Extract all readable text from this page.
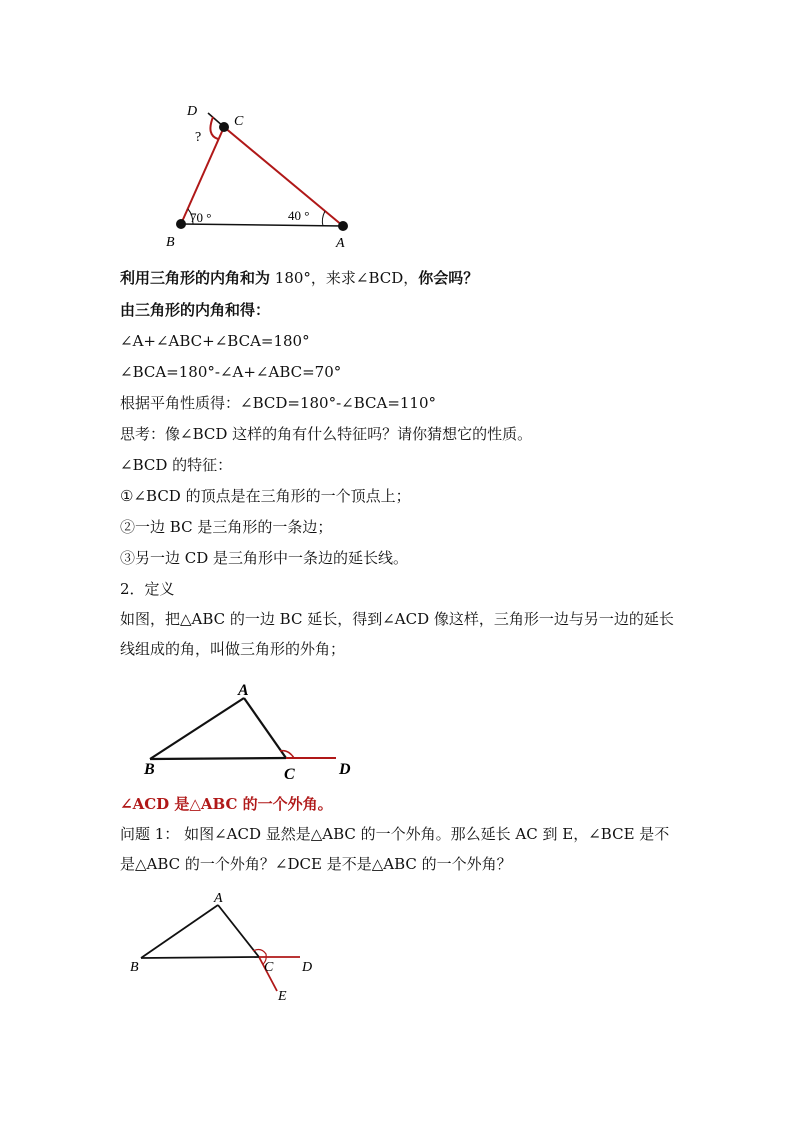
D
C
?
70 °	40 °
B	A
利用三角形的内角和为 180°，来求∠BCD，你会吗？
由三角形的内角和得：
∠A+∠ABC+∠BCA=180°
∠BCA=180°-∠A+∠ABC=70°
根据平角性质得：∠BCD=180°-∠BCA=110°
思考：像∠BCD 这样的角有什么特征吗？请你猜想它的性质。
∠BCD 的特征：
①∠BCD 的顶点是在三角形的一个顶点上；
②一边 BC 是三角形的一条边；
③另一边 CD 是三角形中一条边的延长线。
2．定义
如图，把△ABC 的一边 BC 延长，得到∠ACD 像这样，三角形一边与另一边的延长线组成的角，叫做三角形的外角；
A
B	C	D
∠ACD 是△ABC 的一个外角。
问题 1： 如图∠ACD 显然是△ABC 的一个外角。那么延长 AC 到 E，∠BCE 是不是△ABC 的一个外角？∠DCE 是不是△ABC 的一个外角？
A
B	C D
E
